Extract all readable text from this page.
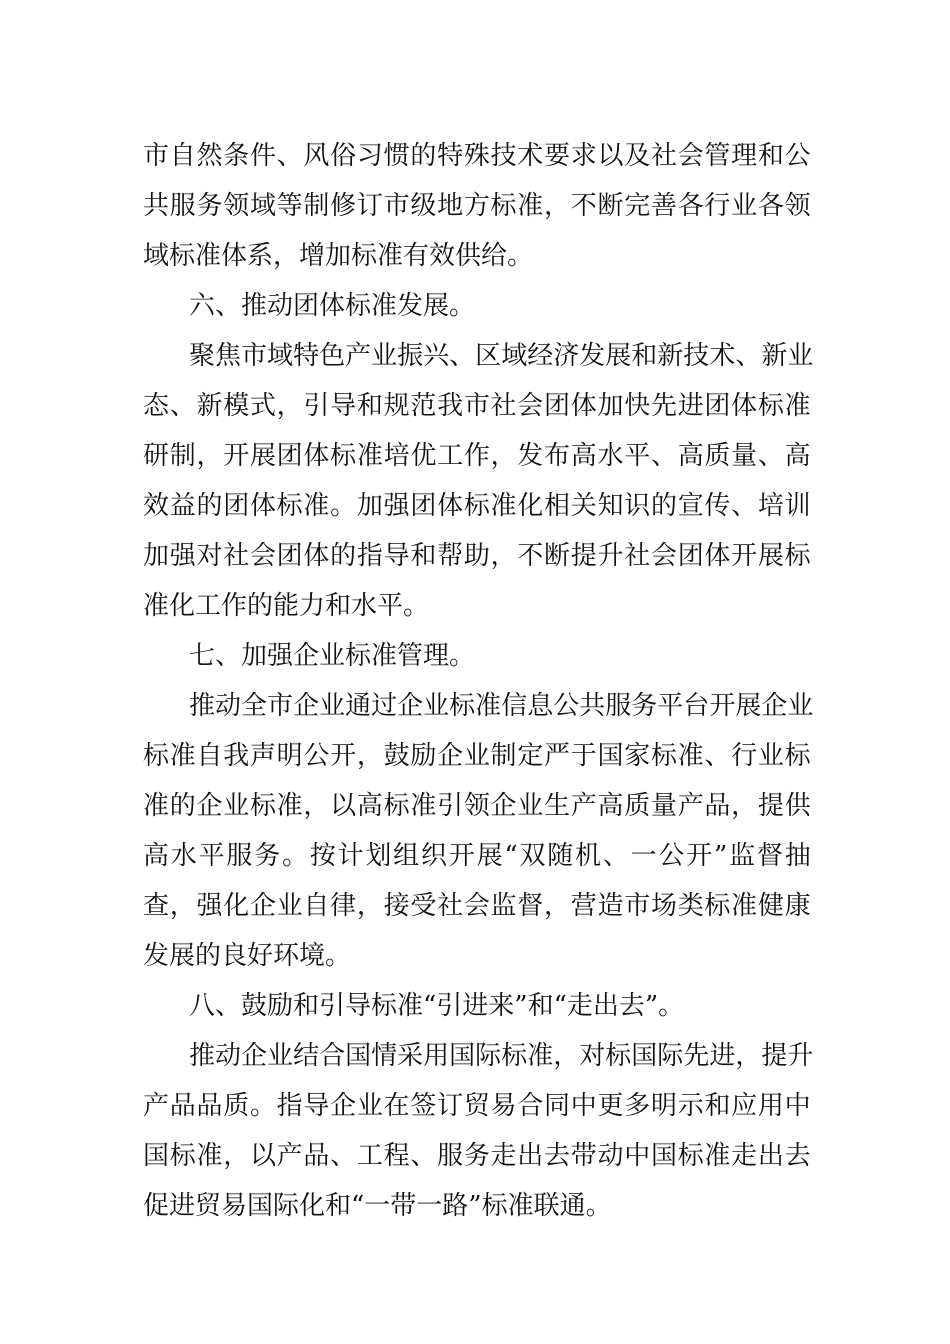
市 自 然 条 件 、 风 俗 习 惯 的 特 殊 技 术 要 求 以 及 社 会 管 理 和 公
共 服 务 领 域 等 制 修 订 市 级 地 方 标 准 ， 不 断 完 善 各 行 业 各 领
域标准体系，增加标准有效供给。
六、推动团体标准发展。
聚 焦 市 域 特 色 产 业 振 兴 、 区 域 经 济 发 展 和 新 技 术 、 新 业
态 、 新 模 式 ， 引 导 和 规 范 我 市 社 会 团 体 加 快 先 进 团 体 标 准
研 制 ， 开 展 团 体 标 准 培 优 工 作 ， 发 布 高 水 平 、 高 质 量 、 高
效 益 的 团 体 标 准 。 加 强 团 体 标 准 化 相 关 知 识 的 宣 传 、 培 训
加 强 对 社 会 团 体 的 指 导 和 帮 助 ， 不 断 提 升 社 会 团 体 开 展 标
准化工作的能力和水平。
七、加强企业标准管理。
推 动 全 市 企 业 通 过 企 业 标 准 信 息 公 共 服 务 平 台 开 展 企 业
标 准 自 我 声 明 公 开 ， 鼓 励 企 业 制 定 严 于 国 家 标 准 、 行 业 标
准 的 企 业 标 准 ， 以 高 标 准 引 领 企 业 生 产 高 质 量 产 品 ， 提 供
高 水 平 服 务 。 按 计 划 组 织 开 展 “ 双 随 机 、 一 公 开 ” 监 督 抽
查 ， 强 化 企 业 自 律 ， 接 受 社 会 监 督 ， 营 造 市 场 类 标 准 健 康
发展的良好环境。
八、鼓励和引导标准“引进来”和“走出去”。
推 动 企 业 结 合 国 情 采 用 国 际 标 准 ， 对 标 国 际 先 进 ， 提 升
产 品 品 质 。 指 导 企 业 在 签 订 贸 易 合 同 中 更 多 明 示 和 应 用 中
国 标 准 ， 以 产 品 、 工 程 、 服 务 走 出 去 带 动 中 国 标 准 走 出 去
促进贸易国际化和“一带一路”标准联通。
